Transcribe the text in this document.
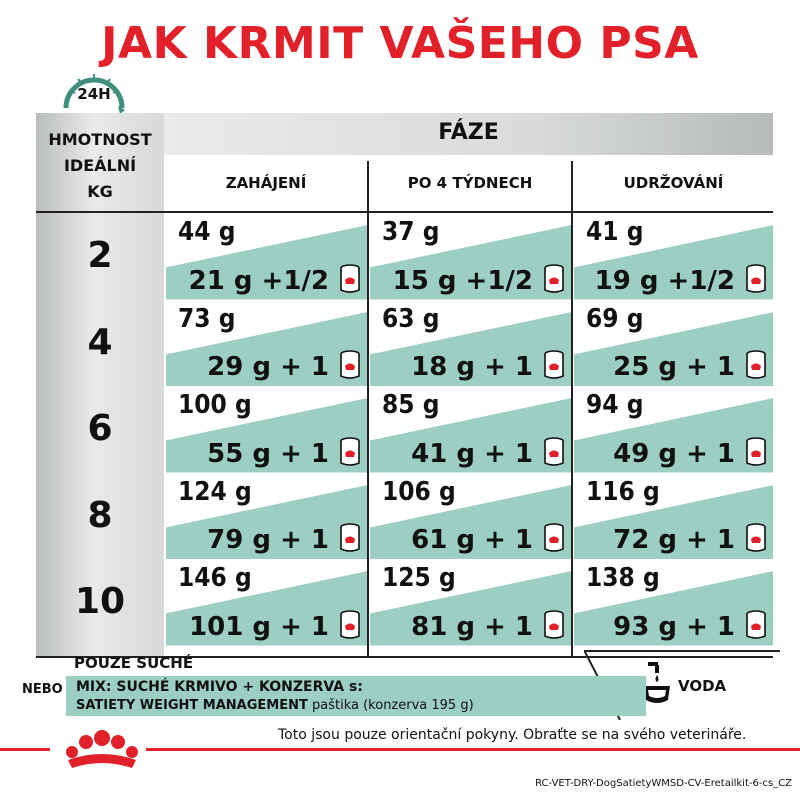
JAK KRMIT VAŠEHO PSA
24H
HMOTNOST
IDEÁLNÍ
KG
FÁZE
ZAHÁJENÍ	PO 4 TÝDNECH	UDRŽOVÁNÍ
2
44 g
21 g +1/2
37 g
15 g +1/2
41 g
19 g +1/2
4
73 g
29 g + 1
63 g
18 g + 1
69 g
25 g + 1
6
100 g
55 g + 1
85 g
41 g + 1
94 g
49 g + 1
8
124 g
79 g + 1
106 g
61 g + 1
116 g
72 g + 1
10
146 g
101 g + 1
125 g
81 g + 1
138 g
93 g + 1
VODA
POUZE SUCHÉ
NEBO MIX: SUCHÉ KRMIVO + KONZERVA s:
SATIETY WEIGHT MANAGEMENT paštika (konzerva 195 g)
Toto jsou pouze orientační pokyny. Obraťte se na svého veterináře.
RC-VET-DRY-DogSatietyWMSD-CV-Eretailkit-6-cs_CZ
